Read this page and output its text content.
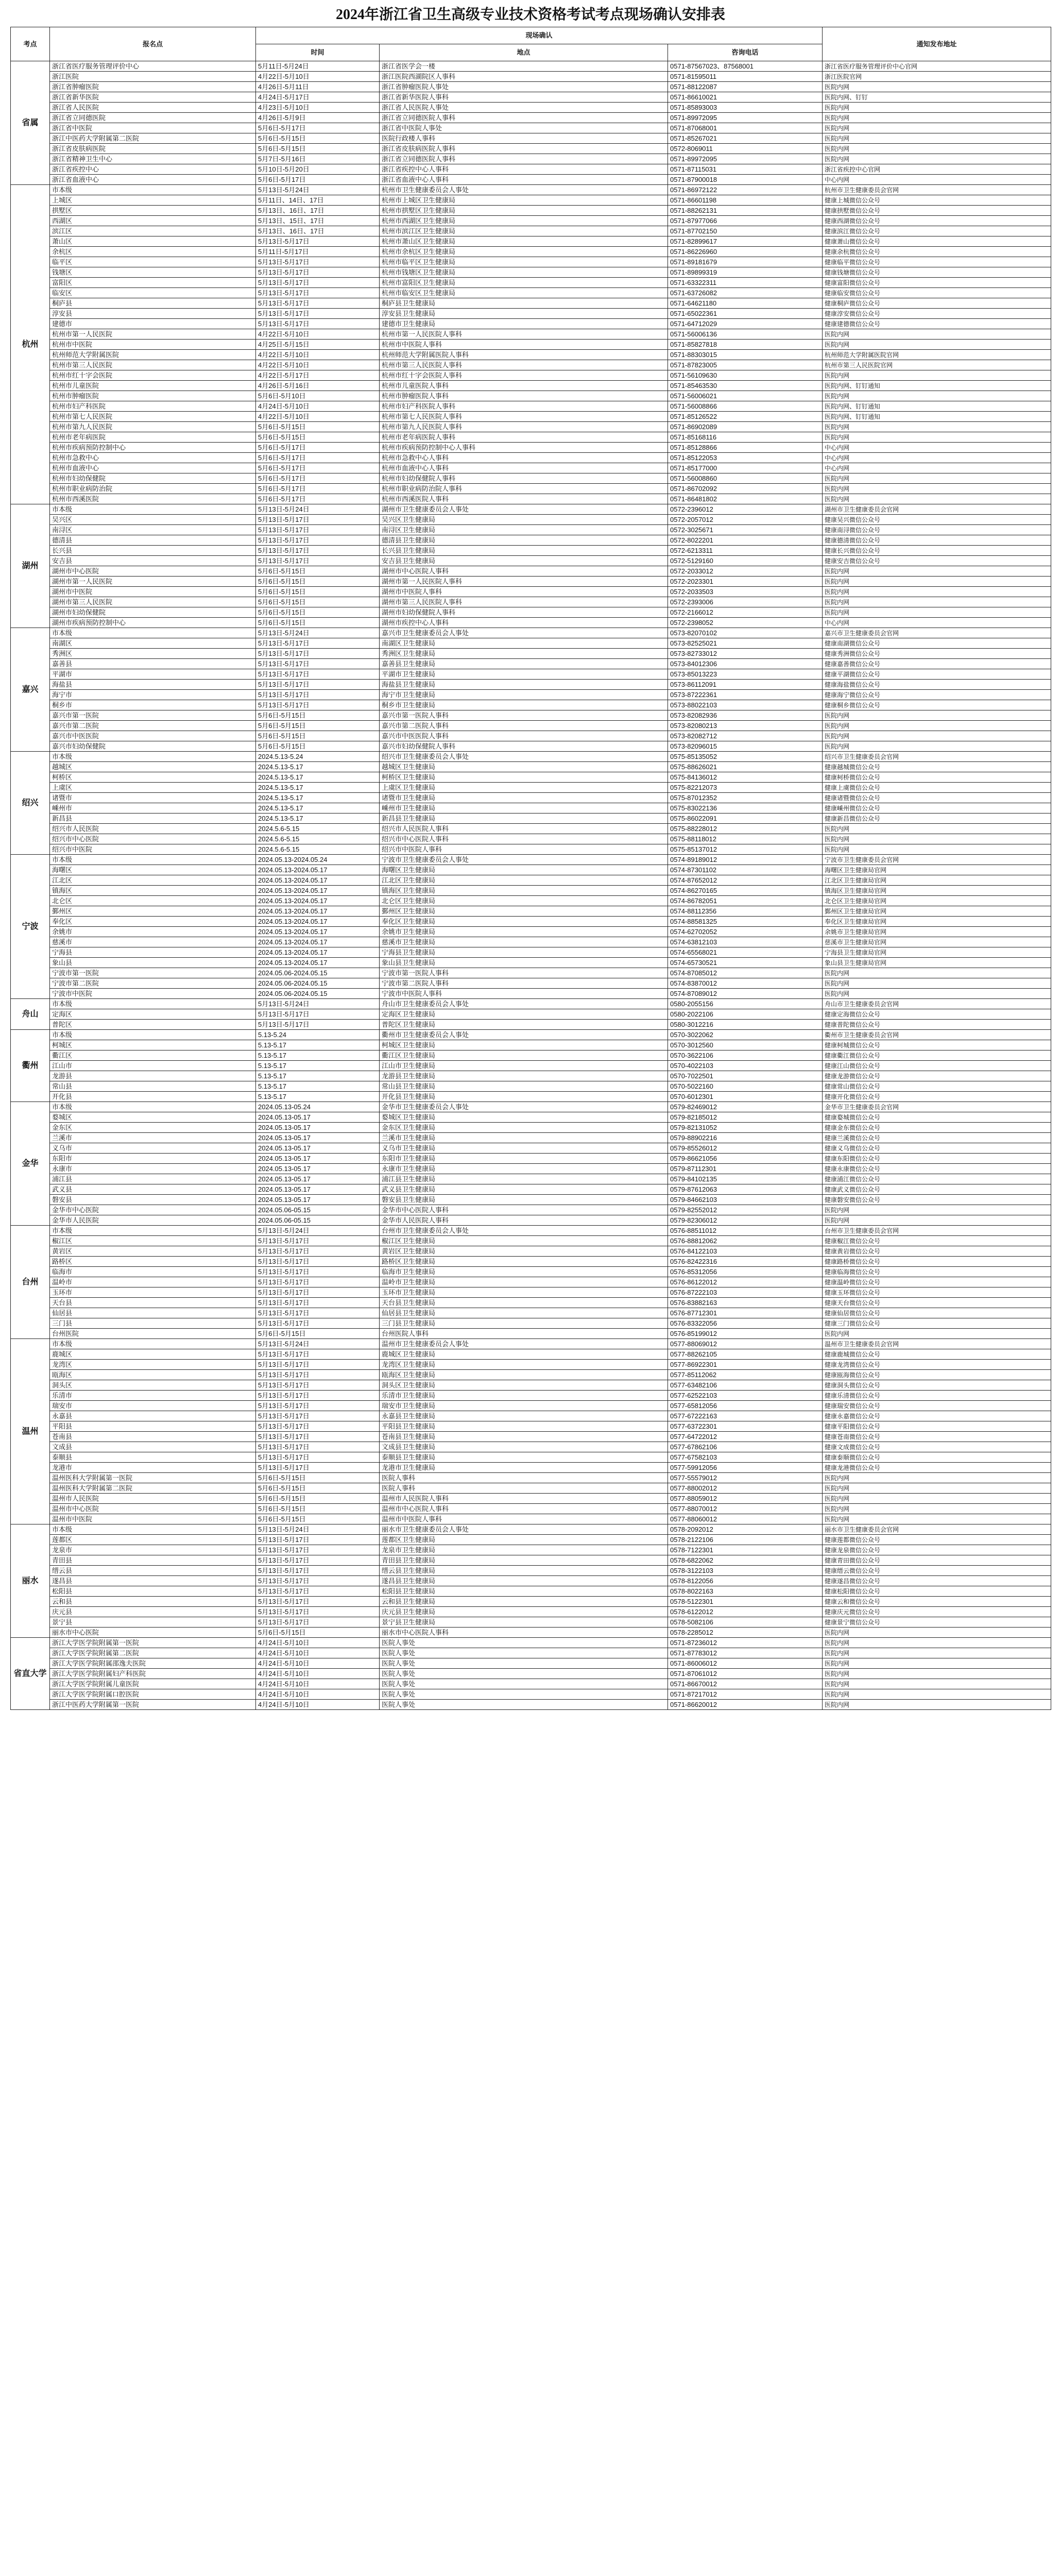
2024年浙江省卫生高级专业技术资格考试考点现场确认安排表
考点	报名点	现场确认			通知发布地址
		时间	地点	咨询电话	
省属	浙江省医疗服务管理评价中心	5月11日-5月24日	浙江省医学会一楼	0571-87567023、87568001	浙江省医疗服务管理评价中心官网
	浙江医院	4月22日-5月10日	浙江医院西湖院区人事科	0571-81595011	浙江医院官网
	浙江省肿瘤医院	4月26日-5月11日	浙江省肿瘤医院人事处	0571-88122087	医院内网
	浙江省新华医院	4月24日-5月17日	浙江省新华医院人事科	0571-86610021	医院内网、钉钉
	浙江省人民医院	4月23日-5月10日	浙江省人民医院人事处	0571-85893003	医院内网
	浙江省立同德医院	4月26日-5月9日	浙江省立同德医院人事科	0571-89972095	医院内网
	浙江省中医院	5月6日-5月17日	浙江省中医院人事处	0571-87068001	医院内网
	浙江中医药大学附属第二医院	5月6日-5月15日	医院行政楼人事科	0571-85267021	医院内网
	浙江省皮肤病医院	5月6日-5月15日	浙江省皮肤病医院人事科	0572-8069011	医院内网
	浙江省精神卫生中心	5月7日-5月16日	浙江省立同德医院人事科	0571-89972095	医院内网
	浙江省疾控中心	5月10日-5月20日	浙江省疾控中心人事科	0571-87115031	浙江省疾控中心官网
	浙江省血液中心	5月6日-5月17日	浙江省血液中心人事科	0571-87900018	中心内网
杭州	市本级	5月13日-5月24日	杭州市卫生健康委员会人事处	0571-86972122	杭州市卫生健康委员会官网
	上城区	5月11日、14日、17日	杭州市上城区卫生健康局	0571-86601198	健康上城微信公众号
	拱墅区	5月13日、16日、17日	杭州市拱墅区卫生健康局	0571-88262131	健康拱墅微信公众号
	西湖区	5月13日、15日、17日	杭州市西湖区卫生健康局	0571-87977066	健康西湖微信公众号
	滨江区	5月13日、16日、17日	杭州市滨江区卫生健康局	0571-87702150	健康滨江微信公众号
	萧山区	5月13日-5月17日	杭州市萧山区卫生健康局	0571-82899617	健康萧山微信公众号
	余杭区	5月11日-5月17日	杭州市余杭区卫生健康局	0571-86226960	健康余杭微信公众号
	临平区	5月13日-5月17日	杭州市临平区卫生健康局	0571-89181679	健康临平微信公众号
	钱塘区	5月13日-5月17日	杭州市钱塘区卫生健康局	0571-89899319	健康钱塘微信公众号
	富阳区	5月13日-5月17日	杭州市富阳区卫生健康局	0571-63322311	健康富阳微信公众号
	临安区	5月13日-5月17日	杭州市临安区卫生健康局	0571-63726082	健康临安微信公众号
	桐庐县	5月13日-5月17日	桐庐县卫生健康局	0571-64621180	健康桐庐微信公众号
	淳安县	5月13日-5月17日	淳安县卫生健康局	0571-65022361	健康淳安微信公众号
	建德市	5月13日-5月17日	建德市卫生健康局	0571-64712029	健康建德微信公众号
	杭州市第一人民医院	4月22日-5月10日	杭州市第一人民医院人事科	0571-56006136	医院内网
	杭州市中医院	4月25日-5月15日	杭州市中医院人事科	0571-85827818	医院内网
	杭州师范大学附属医院	4月22日-5月10日	杭州师范大学附属医院人事科	0571-88303015	杭州师范大学附属医院官网
	杭州市第三人民医院	4月22日-5月10日	杭州市第三人民医院人事科	0571-87823005	杭州市第三人民医院官网
	杭州市红十字会医院	4月22日-5月17日	杭州市红十字会医院人事科	0571-56109630	医院内网
	杭州市儿童医院	4月26日-5月16日	杭州市儿童医院人事科	0571-85463530	医院内网、钉钉通知
	杭州市肿瘤医院	5月6日-5月10日	杭州市肿瘤医院人事科	0571-56006021	医院内网
	杭州市妇产科医院	4月24日-5月10日	杭州市妇产科医院人事科	0571-56008866	医院内网、钉钉通知
	杭州市第七人民医院	4月22日-5月10日	杭州市第七人民医院人事科	0571-85126522	医院内网、钉钉通知
	杭州市第九人民医院	5月6日-5月15日	杭州市第九人民医院人事科	0571-86902089	医院内网
	杭州市老年病医院	5月6日-5月15日	杭州市老年病医院人事科	0571-85168116	医院内网
	杭州市疾病预防控制中心	5月6日-5月17日	杭州市疾病预防控制中心人事科	0571-85128866	中心内网
	杭州市急救中心	5月6日-5月17日	杭州市急救中心人事科	0571-85122053	中心内网
	杭州市血液中心	5月6日-5月17日	杭州市血液中心人事科	0571-85177000	中心内网
	杭州市妇幼保健院	5月6日-5月17日	杭州市妇幼保健院人事科	0571-56008860	医院内网
	杭州市职业病防治院	5月6日-5月17日	杭州市职业病防治院人事科	0571-86702092	医院内网
	杭州市西溪医院	5月6日-5月17日	杭州市西溪医院人事科	0571-86481802	医院内网
湖州	市本级	5月13日-5月24日	湖州市卫生健康委员会人事处	0572-2396012	湖州市卫生健康委员会官网
	吴兴区	5月13日-5月17日	吴兴区卫生健康局	0572-2057012	健康吴兴微信公众号
	南浔区	5月13日-5月17日	南浔区卫生健康局	0572-3025671	健康南浔微信公众号
	德清县	5月13日-5月17日	德清县卫生健康局	0572-8022201	健康德清微信公众号
	长兴县	5月13日-5月17日	长兴县卫生健康局	0572-6213311	健康长兴微信公众号
	安吉县	5月13日-5月17日	安吉县卫生健康局	0572-5129160	健康安吉微信公众号
	湖州市中心医院	5月6日-5月15日	湖州市中心医院人事科	0572-2033012	医院内网
	湖州市第一人民医院	5月6日-5月15日	湖州市第一人民医院人事科	0572-2023301	医院内网
	湖州市中医院	5月6日-5月15日	湖州市中医院人事科	0572-2033503	医院内网
	湖州市第三人民医院	5月6日-5月15日	湖州市第三人民医院人事科	0572-2393006	医院内网
	湖州市妇幼保健院	5月6日-5月15日	湖州市妇幼保健院人事科	0572-2166012	医院内网
	湖州市疾病预防控制中心	5月6日-5月15日	湖州市疾控中心人事科	0572-2398052	中心内网
嘉兴	市本级	5月13日-5月24日	嘉兴市卫生健康委员会人事处	0573-82070102	嘉兴市卫生健康委员会官网
	南湖区	5月13日-5月17日	南湖区卫生健康局	0573-82525021	健康南湖微信公众号
	秀洲区	5月13日-5月17日	秀洲区卫生健康局	0573-82733012	健康秀洲微信公众号
	嘉善县	5月13日-5月17日	嘉善县卫生健康局	0573-84012306	健康嘉善微信公众号
	平湖市	5月13日-5月17日	平湖市卫生健康局	0573-85013223	健康平湖微信公众号
	海盐县	5月13日-5月17日	海盐县卫生健康局	0573-86112091	健康海盐微信公众号
	海宁市	5月13日-5月17日	海宁市卫生健康局	0573-87222361	健康海宁微信公众号
	桐乡市	5月13日-5月17日	桐乡市卫生健康局	0573-88022103	健康桐乡微信公众号
	嘉兴市第一医院	5月6日-5月15日	嘉兴市第一医院人事科	0573-82082936	医院内网
	嘉兴市第二医院	5月6日-5月15日	嘉兴市第二医院人事科	0573-82080213	医院内网
	嘉兴市中医医院	5月6日-5月15日	嘉兴市中医医院人事科	0573-82082712	医院内网
	嘉兴市妇幼保健院	5月6日-5月15日	嘉兴市妇幼保健院人事科	0573-82096015	医院内网
绍兴	市本级	2024.5.13-5.24	绍兴市卫生健康委员会人事处	0575-85135052	绍兴市卫生健康委员会官网
	越城区	2024.5.13-5.17	越城区卫生健康局	0575-88626021	健康越城微信公众号
	柯桥区	2024.5.13-5.17	柯桥区卫生健康局	0575-84136012	健康柯桥微信公众号
	上虞区	2024.5.13-5.17	上虞区卫生健康局	0575-82212073	健康上虞微信公众号
	诸暨市	2024.5.13-5.17	诸暨市卫生健康局	0575-87012352	健康诸暨微信公众号
	嵊州市	2024.5.13-5.17	嵊州市卫生健康局	0575-83022136	健康嵊州微信公众号
	新昌县	2024.5.13-5.17	新昌县卫生健康局	0575-86022091	健康新昌微信公众号
	绍兴市人民医院	2024.5.6-5.15	绍兴市人民医院人事科	0575-88228012	医院内网
	绍兴市中心医院	2024.5.6-5.15	绍兴市中心医院人事科	0575-88118012	医院内网
	绍兴市中医院	2024.5.6-5.15	绍兴市中医院人事科	0575-85137012	医院内网
宁波	市本级	2024.05.13-2024.05.24	宁波市卫生健康委员会人事处	0574-89189012	宁波市卫生健康委员会官网
	海曙区	2024.05.13-2024.05.17	海曙区卫生健康局	0574-87301102	海曙区卫生健康局官网
	江北区	2024.05.13-2024.05.17	江北区卫生健康局	0574-87652012	江北区卫生健康局官网
	镇海区	2024.05.13-2024.05.17	镇海区卫生健康局	0574-86270165	镇海区卫生健康局官网
	北仑区	2024.05.13-2024.05.17	北仑区卫生健康局	0574-86782051	北仑区卫生健康局官网
	鄞州区	2024.05.13-2024.05.17	鄞州区卫生健康局	0574-88112356	鄞州区卫生健康局官网
	奉化区	2024.05.13-2024.05.17	奉化区卫生健康局	0574-88581325	奉化区卫生健康局官网
	余姚市	2024.05.13-2024.05.17	余姚市卫生健康局	0574-62702052	余姚市卫生健康局官网
	慈溪市	2024.05.13-2024.05.17	慈溪市卫生健康局	0574-63812103	慈溪市卫生健康局官网
	宁海县	2024.05.13-2024.05.17	宁海县卫生健康局	0574-65568021	宁海县卫生健康局官网
	象山县	2024.05.13-2024.05.17	象山县卫生健康局	0574-65730521	象山县卫生健康局官网
	宁波市第一医院	2024.05.06-2024.05.15	宁波市第一医院人事科	0574-87085012	医院内网
	宁波市第二医院	2024.05.06-2024.05.15	宁波市第二医院人事科	0574-83870012	医院内网
	宁波市中医院	2024.05.06-2024.05.15	宁波市中医院人事科	0574-87089012	医院内网
舟山	市本级	5月13日-5月24日	舟山市卫生健康委员会人事处	0580-2055156	舟山市卫生健康委员会官网
	定海区	5月13日-5月17日	定海区卫生健康局	0580-2022106	健康定海微信公众号
	普陀区	5月13日-5月17日	普陀区卫生健康局	0580-3012216	健康普陀微信公众号
衢州	市本级	5.13-5.24	衢州市卫生健康委员会人事处	0570-3022062	衢州市卫生健康委员会官网
	柯城区	5.13-5.17	柯城区卫生健康局	0570-3012560	健康柯城微信公众号
	衢江区	5.13-5.17	衢江区卫生健康局	0570-3622106	健康衢江微信公众号
	江山市	5.13-5.17	江山市卫生健康局	0570-4022103	健康江山微信公众号
	龙游县	5.13-5.17	龙游县卫生健康局	0570-7022501	健康龙游微信公众号
	常山县	5.13-5.17	常山县卫生健康局	0570-5022160	健康常山微信公众号
	开化县	5.13-5.17	开化县卫生健康局	0570-6012301	健康开化微信公众号
金华	市本级	2024.05.13-05.24	金华市卫生健康委员会人事处	0579-82469012	金华市卫生健康委员会官网
	婺城区	2024.05.13-05.17	婺城区卫生健康局	0579-82185012	健康婺城微信公众号
	金东区	2024.05.13-05.17	金东区卫生健康局	0579-82131052	健康金东微信公众号
	兰溪市	2024.05.13-05.17	兰溪市卫生健康局	0579-88902216	健康兰溪微信公众号
	义乌市	2024.05.13-05.17	义乌市卫生健康局	0579-85526012	健康义乌微信公众号
	东阳市	2024.05.13-05.17	东阳市卫生健康局	0579-86621056	健康东阳微信公众号
	永康市	2024.05.13-05.17	永康市卫生健康局	0579-87112301	健康永康微信公众号
	浦江县	2024.05.13-05.17	浦江县卫生健康局	0579-84102135	健康浦江微信公众号
	武义县	2024.05.13-05.17	武义县卫生健康局	0579-87612063	健康武义微信公众号
	磐安县	2024.05.13-05.17	磐安县卫生健康局	0579-84662103	健康磐安微信公众号
	金华市中心医院	2024.05.06-05.15	金华市中心医院人事科	0579-82552012	医院内网
	金华市人民医院	2024.05.06-05.15	金华市人民医院人事科	0579-82306012	医院内网
台州	市本级	5月13日-5月24日	台州市卫生健康委员会人事处	0576-88511012	台州市卫生健康委员会官网
	椒江区	5月13日-5月17日	椒江区卫生健康局	0576-88812062	健康椒江微信公众号
	黄岩区	5月13日-5月17日	黄岩区卫生健康局	0576-84122103	健康黄岩微信公众号
	路桥区	5月13日-5月17日	路桥区卫生健康局	0576-82422316	健康路桥微信公众号
	临海市	5月13日-5月17日	临海市卫生健康局	0576-85312056	健康临海微信公众号
	温岭市	5月13日-5月17日	温岭市卫生健康局	0576-86122012	健康温岭微信公众号
	玉环市	5月13日-5月17日	玉环市卫生健康局	0576-87222103	健康玉环微信公众号
	天台县	5月13日-5月17日	天台县卫生健康局	0576-83882163	健康天台微信公众号
	仙居县	5月13日-5月17日	仙居县卫生健康局	0576-87712301	健康仙居微信公众号
	三门县	5月13日-5月17日	三门县卫生健康局	0576-83322056	健康三门微信公众号
	台州医院	5月6日-5月15日	台州医院人事科	0576-85199012	医院内网
温州	市本级	5月13日-5月24日	温州市卫生健康委员会人事处	0577-88069012	温州市卫生健康委员会官网
	鹿城区	5月13日-5月17日	鹿城区卫生健康局	0577-88262105	健康鹿城微信公众号
	龙湾区	5月13日-5月17日	龙湾区卫生健康局	0577-86922301	健康龙湾微信公众号
	瓯海区	5月13日-5月17日	瓯海区卫生健康局	0577-85112062	健康瓯海微信公众号
	洞头区	5月13日-5月17日	洞头区卫生健康局	0577-63482106	健康洞头微信公众号
	乐清市	5月13日-5月17日	乐清市卫生健康局	0577-62522103	健康乐清微信公众号
	瑞安市	5月13日-5月17日	瑞安市卫生健康局	0577-65812056	健康瑞安微信公众号
	永嘉县	5月13日-5月17日	永嘉县卫生健康局	0577-67222163	健康永嘉微信公众号
	平阳县	5月13日-5月17日	平阳县卫生健康局	0577-63722301	健康平阳微信公众号
	苍南县	5月13日-5月17日	苍南县卫生健康局	0577-64722012	健康苍南微信公众号
	文成县	5月13日-5月17日	文成县卫生健康局	0577-67862106	健康文成微信公众号
	泰顺县	5月13日-5月17日	泰顺县卫生健康局	0577-67582103	健康泰顺微信公众号
	龙港市	5月13日-5月17日	龙港市卫生健康局	0577-59912056	健康龙港微信公众号
	温州医科大学附属第一医院	5月6日-5月15日	医院人事科	0577-55579012	医院内网
	温州医科大学附属第二医院	5月6日-5月15日	医院人事科	0577-88002012	医院内网
	温州市人民医院	5月6日-5月15日	温州市人民医院人事科	0577-88059012	医院内网
	温州市中心医院	5月6日-5月15日	温州市中心医院人事科	0577-88070012	医院内网
	温州市中医院	5月6日-5月15日	温州市中医院人事科	0577-88060012	医院内网
丽水	市本级	5月13日-5月24日	丽水市卫生健康委员会人事处	0578-2092012	丽水市卫生健康委员会官网
	莲都区	5月13日-5月17日	莲都区卫生健康局	0578-2122106	健康莲都微信公众号
	龙泉市	5月13日-5月17日	龙泉市卫生健康局	0578-7122301	健康龙泉微信公众号
	青田县	5月13日-5月17日	青田县卫生健康局	0578-6822062	健康青田微信公众号
	缙云县	5月13日-5月17日	缙云县卫生健康局	0578-3122103	健康缙云微信公众号
	遂昌县	5月13日-5月17日	遂昌县卫生健康局	0578-8122056	健康遂昌微信公众号
	松阳县	5月13日-5月17日	松阳县卫生健康局	0578-8022163	健康松阳微信公众号
	云和县	5月13日-5月17日	云和县卫生健康局	0578-5122301	健康云和微信公众号
	庆元县	5月13日-5月17日	庆元县卫生健康局	0578-6122012	健康庆元微信公众号
	景宁县	5月13日-5月17日	景宁县卫生健康局	0578-5082106	健康景宁微信公众号
	丽水市中心医院	5月6日-5月15日	丽水市中心医院人事科	0578-2285012	医院内网
省直大学	浙江大学医学院附属第一医院	4月24日-5月10日	医院人事处	0571-87236012	医院内网
	浙江大学医学院附属第二医院	4月24日-5月10日	医院人事处	0571-87783012	医院内网
	浙江大学医学院附属邵逸夫医院	4月24日-5月10日	医院人事处	0571-86006012	医院内网
	浙江大学医学院附属妇产科医院	4月24日-5月10日	医院人事处	0571-87061012	医院内网
	浙江大学医学院附属儿童医院	4月24日-5月10日	医院人事处	0571-86670012	医院内网
	浙江大学医学院附属口腔医院	4月24日-5月10日	医院人事处	0571-87217012	医院内网
	浙江中医药大学附属第一医院	4月24日-5月10日	医院人事处	0571-86620012	医院内网
